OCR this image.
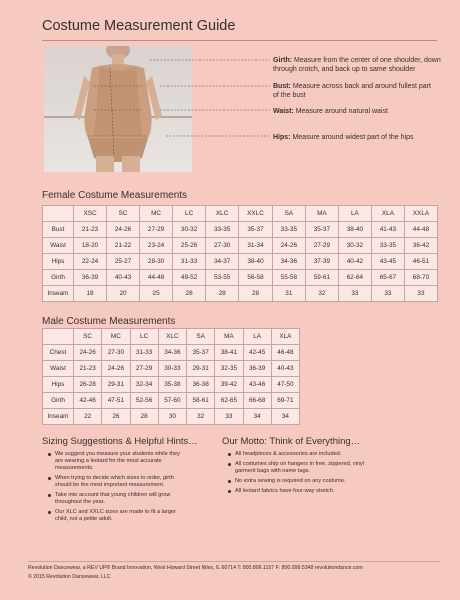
Costume Measurement Guide
Girth: Measure from the center of one shoulder, down through crotch, and back up to same shoulder
Bust: Measure across back and around fullest part of the bust
Waist: Measure around natural waist
Hips: Measure around widest part of the hips
Female Costume Measurements
	XSC	SC	MC	LC	XLC	XXLC	SA	MA	LA	XLA	XXLA
Bust	21-23	24-26	27-29	30-32	33-35	35-37	33-35	35-37	38-40	41-43	44-48
Waist	18-20	21-22	23-24	25-26	27-30	31-34	24-26	27-29	30-32	33-35	36-42
Hips	22-24	25-27	28-30	31-33	34-37	38-40	34-36	37-39	40-42	43-45	46-51
Girth	36-39	40-43	44-48	49-52	53-55	56-58	55-58	59-61	62-64	65-67	68-70
Inseam	18	20	25	28	28	28	31	32	33	33	33
Male Costume Measurements
	SC	MC	LC	XLC	SA	MA	LA	XLA
Chest	24-26	27-30	31-33	34-36	35-37	38-41	42-45	46-48
Waist	21-23	24-26	27-29	30-33	29-31	32-35	36-39	40-43
Hips	26-28	29-31	32-34	35-38	36-38	39-42	43-46	47-50
Girth	42-46	47-51	52-56	57-60	58-61	62-65	66-68	69-71
Inseam	22	26	28	30	32	33	34	34
Sizing Suggestions & Helpful Hints…
We suggest you measure your students while they are wearing a leotard for the most accurate measurements.
When trying to decide which sizes to order, girth should be the most important measurement.
Take into account that young children will grow throughout the year.
Our XLC and XXLC sizes are made to fit a larger child, not a petite adult.
Our Motto: Think of Everything…
All headpieces & accessories are included.
All costumes ship on hangers in free, zippered, vinyl garment bags with name tags.
No extra sewing is required on any costume.
All leotard fabrics have four-way stretch.
Revolution Dancewear, a REV UP® Brand Innovation, West Howard Street Niles, IL 60714 T: 800.806.1157 F: 800.999.5348 revolutiondance.com
© 2015 Revolution Dancewear, LLC
